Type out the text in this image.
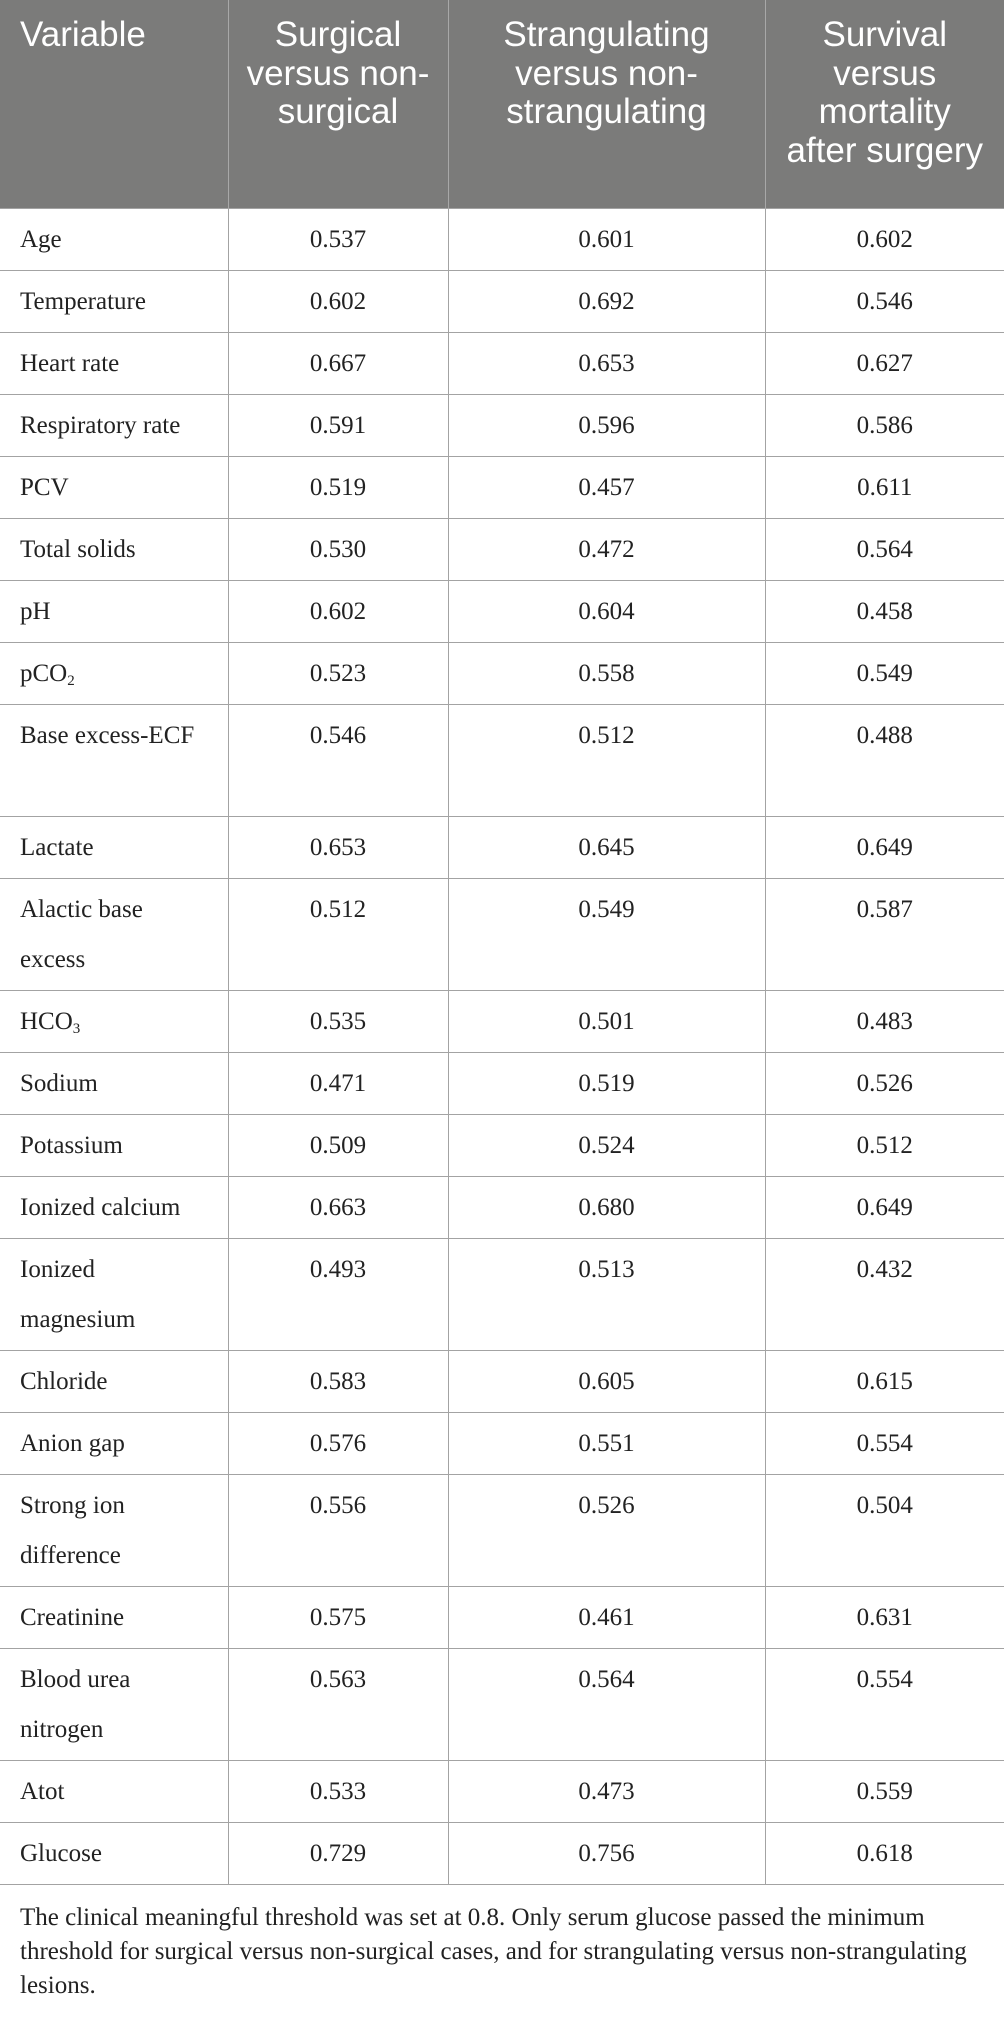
Variable	Surgical versus non-surgical	Strangulating versus non-strangulating	Survival versus mortality after surgery
Age	0.537	0.601	0.602
Temperature	0.602	0.692	0.546
Heart rate	0.667	0.653	0.627
Respiratory rate	0.591	0.596	0.586
PCV	0.519	0.457	0.611
Total solids	0.530	0.472	0.564
pH	0.602	0.604	0.458
pCO$_2$	0.523	0.558	0.549
Base excess-ECF	0.546	0.512	0.488
Lactate	0.653	0.645	0.649
Alactic base excess	0.512	0.549	0.587
$HCO_3$	0.535	0.501	0.483
Sodium	0.471	0.519	0.526
Potassium	0.509	0.524	0.512
Ionized calcium	0.663	0.680	0.649
Ionized magnesium	0.493	0.513	0.432
Chloride	0.583	0.605	0.615
Anion gap	0.576	0.551	0.554
Strong ion difference	0.556	0.526	0.504
Creatinine	0.575	0.461	0.631
Blood urea nitrogen	0.563	0.564	0.554
Atot	0.533	0.473	0.559
Glucose	0.729	0.756	0.618
The clinical meaningful threshold was set at 0.8. Only serum glucose passed the minimum threshold for surgical versus non-surgical cases, and for strangulating versus non-strangulating lesions.
